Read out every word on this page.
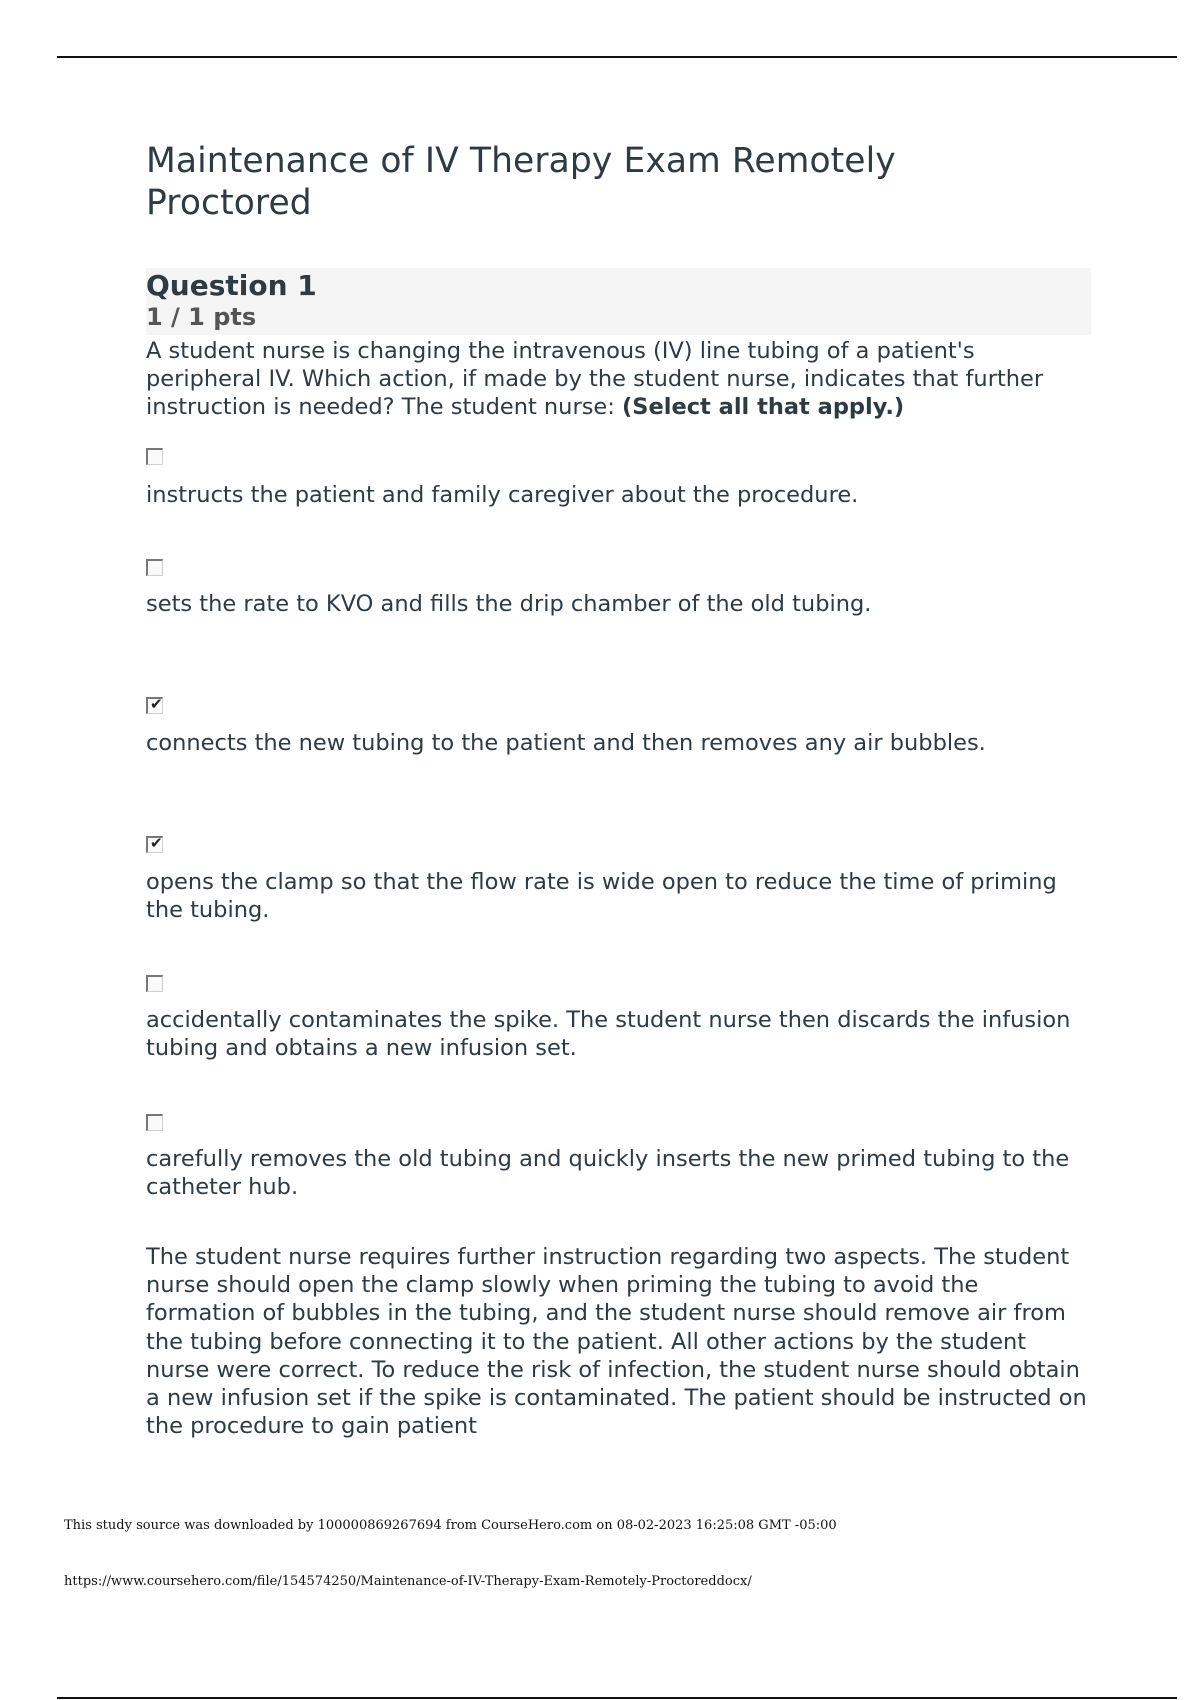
Maintenance of IV Therapy Exam Remotely
Proctored
Question 1
1 / 1 pts
A student nurse is changing the intravenous (IV) line tubing of a patient's peripheral IV. Which action, if made by the student nurse, indicates that further instruction is needed? The student nurse: (Select all that apply.)
instructs the patient and family caregiver about the procedure.
sets the rate to KVO and fills the drip chamber of the old tubing.
✔
connects the new tubing to the patient and then removes any air bubbles.
✔
opens the clamp so that the flow rate is wide open to reduce the time of priming the tubing.
accidentally contaminates the spike. The student nurse then discards the infusion tubing and obtains a new infusion set.
carefully removes the old tubing and quickly inserts the new primed tubing to the catheter hub.
The student nurse requires further instruction regarding two aspects. The student nurse should open the clamp slowly when priming the tubing to avoid the formation of bubbles in the tubing, and the student nurse should remove air from the tubing before connecting it to the patient. All other actions by the student nurse were correct. To reduce the risk of infection, the student nurse should obtain a new infusion set if the spike is contaminated. The patient should be instructed on the procedure to gain patient
This study source was downloaded by 100000869267694 from CourseHero.com on 08-02-2023 16:25:08 GMT -05:00
https://www.coursehero.com/file/154574250/Maintenance-of-IV-Therapy-Exam-Remotely-Proctoreddocx/
